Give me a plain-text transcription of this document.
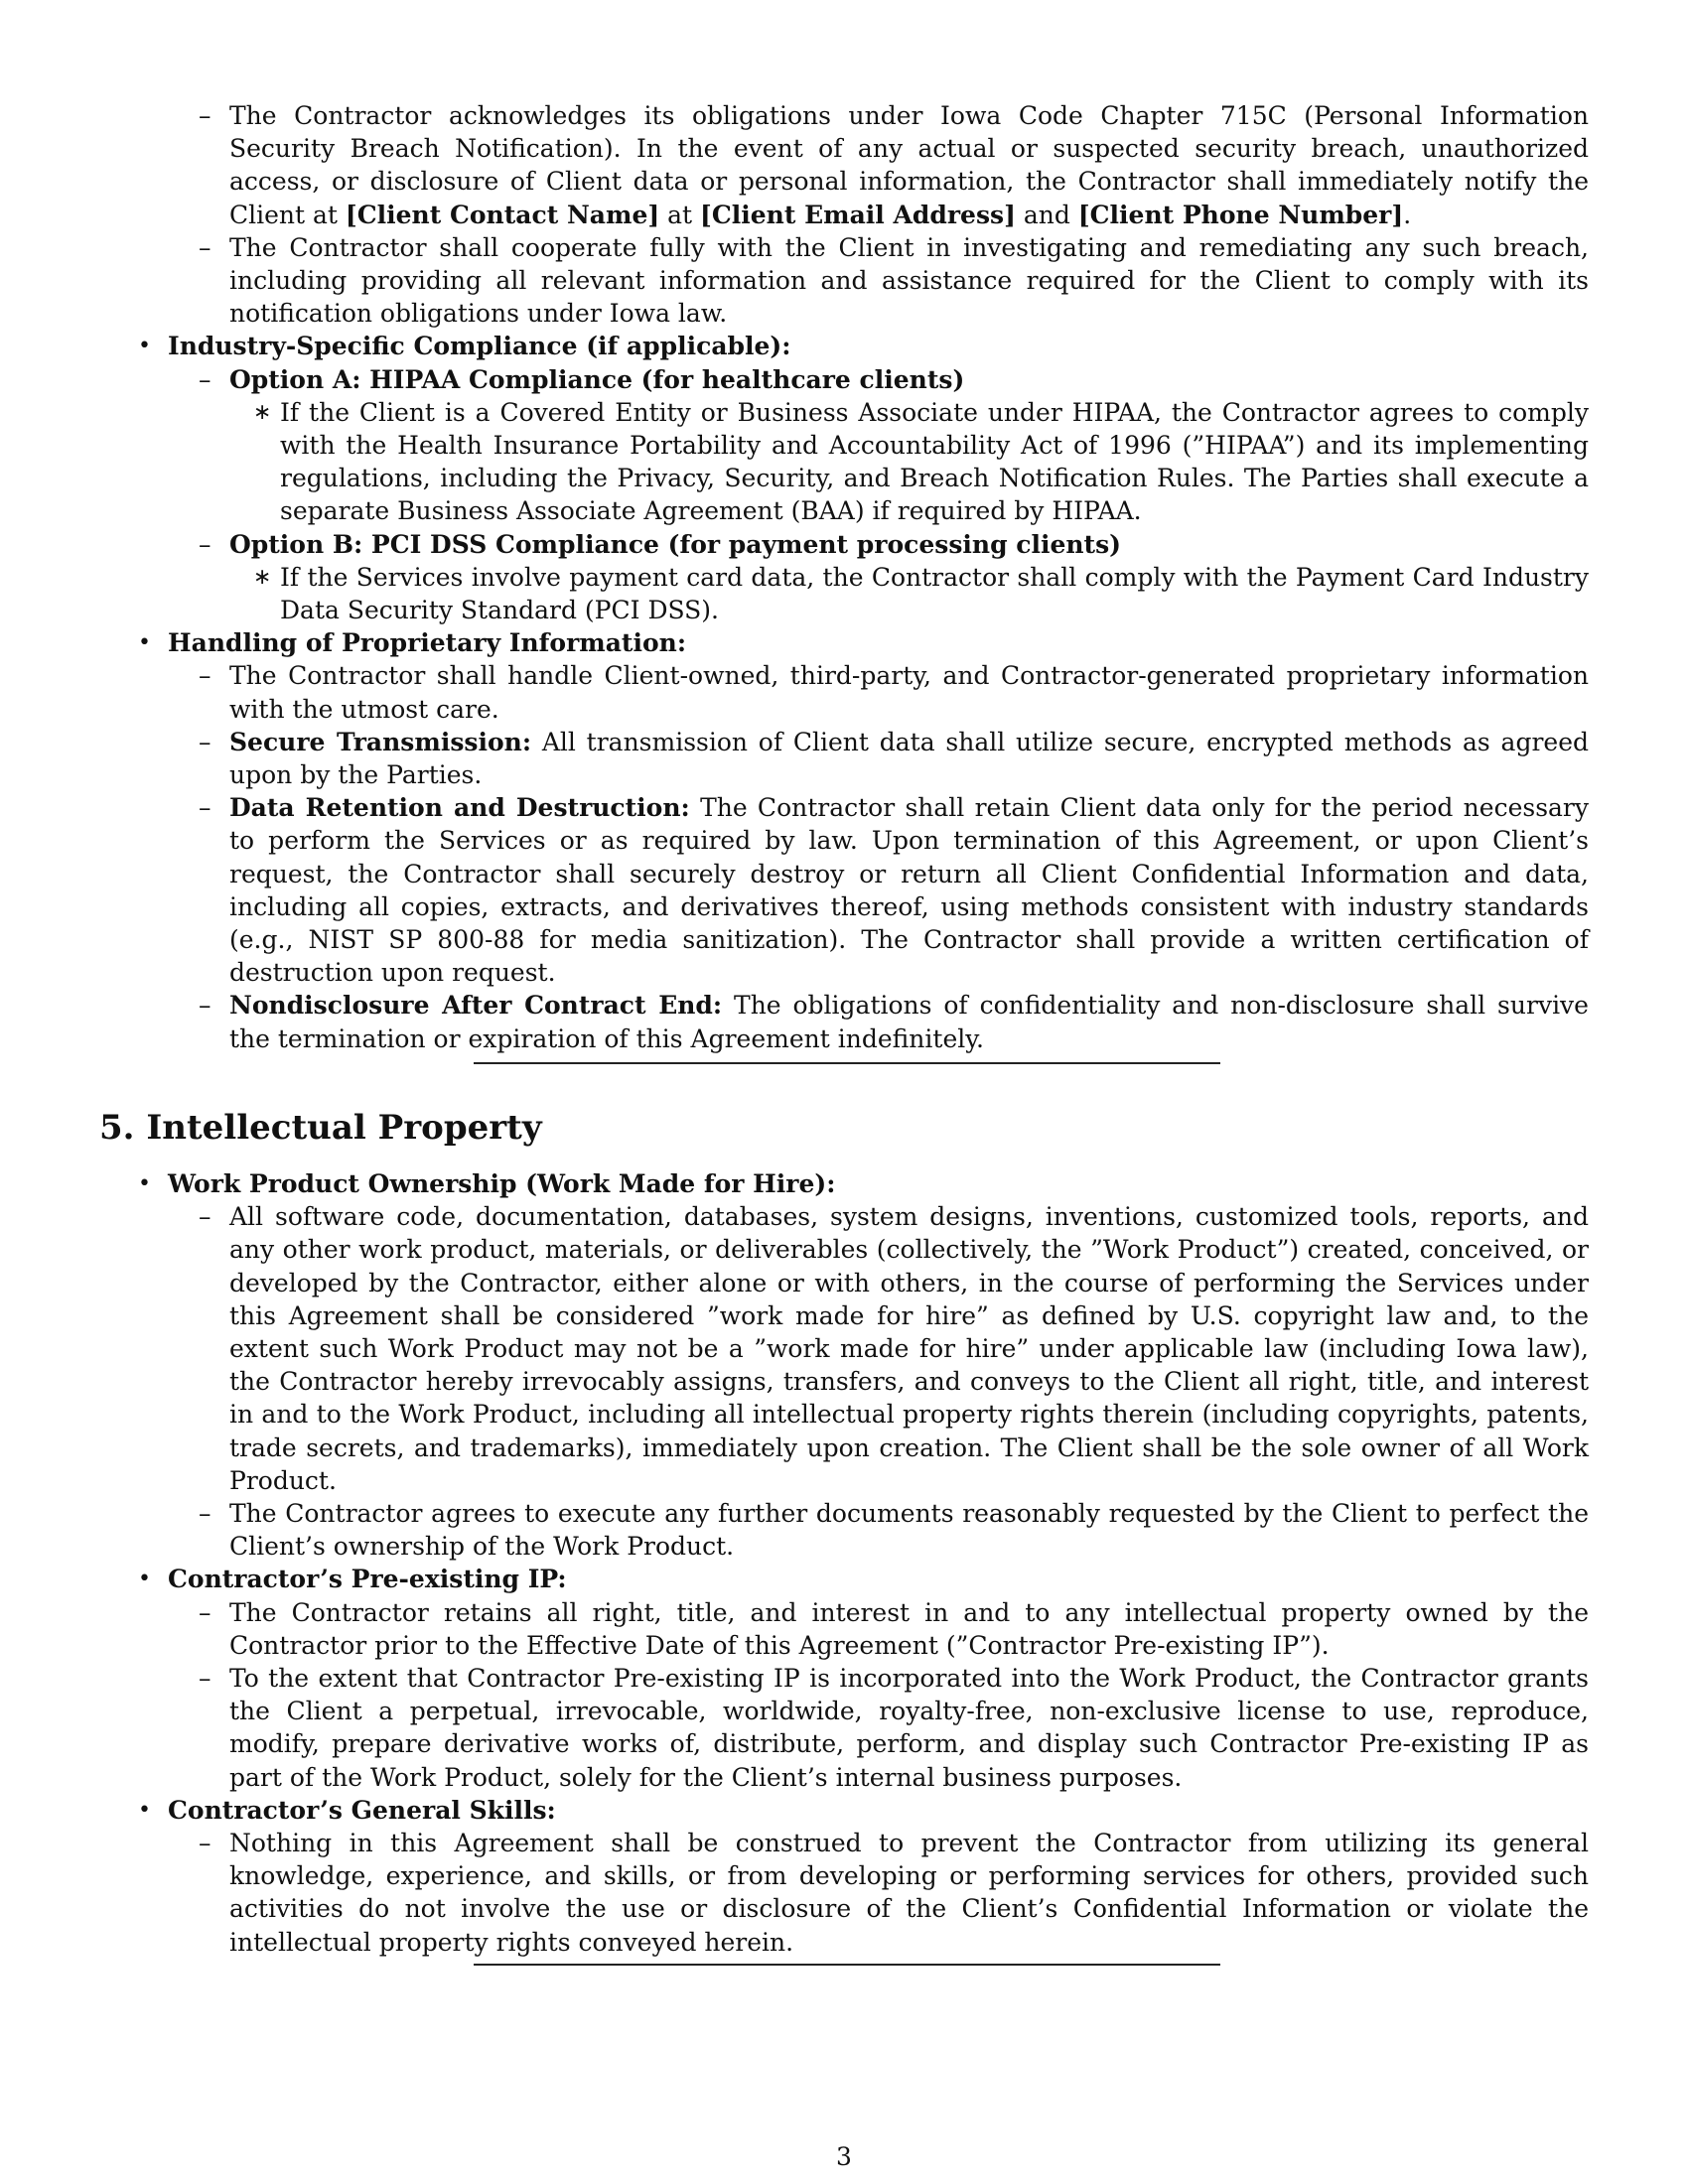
– The Contractor acknowledges its obligations under Iowa Code Chapter 715C (Personal Information Security Breach Notification). In the event of any actual or suspected security breach, unauthorized access, or disclosure of Client data or personal information, the Contractor shall immediately notify the Client at [Client Contact Name] at [Client Email Address] and [Client Phone Number].
– The Contractor shall cooperate fully with the Client in investigating and remediating any such breach, including providing all relevant information and assistance required for the Client to comply with its notification obligations under Iowa law.
• Industry-Specific Compliance (if applicable):
– Option A: HIPAA Compliance (for healthcare clients)
∗ If the Client is a Covered Entity or Business Associate under HIPAA, the Contractor agrees to comply with the Health Insurance Portability and Accountability Act of 1996 (”HIPAA”) and its implementing regulations, including the Privacy, Security, and Breach Notification Rules. The Parties shall execute a separate Business Associate Agreement (BAA) if required by HIPAA.
– Option B: PCI DSS Compliance (for payment processing clients)
∗ If the Services involve payment card data, the Contractor shall comply with the Payment Card Industry Data Security Standard (PCI DSS).
• Handling of Proprietary Information:
– The Contractor shall handle Client-owned, third-party, and Contractor-generated proprietary information with the utmost care.
– Secure Transmission: All transmission of Client data shall utilize secure, encrypted methods as agreed upon by the Parties.
– Data Retention and Destruction: The Contractor shall retain Client data only for the period necessary to perform the Services or as required by law. Upon termination of this Agreement, or upon Client’s request, the Contractor shall securely destroy or return all Client Confidential Information and data, including all copies, extracts, and derivatives thereof, using methods consistent with industry standards (e.g., NIST SP 800-88 for media sanitization). The Contractor shall provide a written certification of destruction upon request.
– Nondisclosure After Contract End: The obligations of confidentiality and non-disclosure shall survive the termination or expiration of this Agreement indefinitely.
5. Intellectual Property
• Work Product Ownership (Work Made for Hire):
– All software code, documentation, databases, system designs, inventions, customized tools, reports, and any other work product, materials, or deliverables (collectively, the ”Work Product”) created, conceived, or developed by the Contractor, either alone or with others, in the course of performing the Services under this Agreement shall be considered ”work made for hire” as defined by U.S. copyright law and, to the extent such Work Product may not be a ”work made for hire” under applicable law (including Iowa law), the Contractor hereby irrevocably assigns, transfers, and conveys to the Client all right, title, and interest in and to the Work Product, including all intellectual property rights therein (including copyrights, patents, trade secrets, and trademarks), immediately upon creation. The Client shall be the sole owner of all Work Product.
– The Contractor agrees to execute any further documents reasonably requested by the Client to perfect the Client’s ownership of the Work Product.
• Contractor’s Pre-existing IP:
– The Contractor retains all right, title, and interest in and to any intellectual property owned by the Contractor prior to the Effective Date of this Agreement (”Contractor Pre-existing IP”).
– To the extent that Contractor Pre-existing IP is incorporated into the Work Product, the Contractor grants the Client a perpetual, irrevocable, worldwide, royalty-free, non-exclusive license to use, reproduce, modify, prepare derivative works of, distribute, perform, and display such Contractor Pre-existing IP as part of the Work Product, solely for the Client’s internal business purposes.
• Contractor’s General Skills:
– Nothing in this Agreement shall be construed to prevent the Contractor from utilizing its general knowledge, experience, and skills, or from developing or performing services for others, provided such activities do not involve the use or disclosure of the Client’s Confidential Information or violate the intellectual property rights conveyed herein.
3
